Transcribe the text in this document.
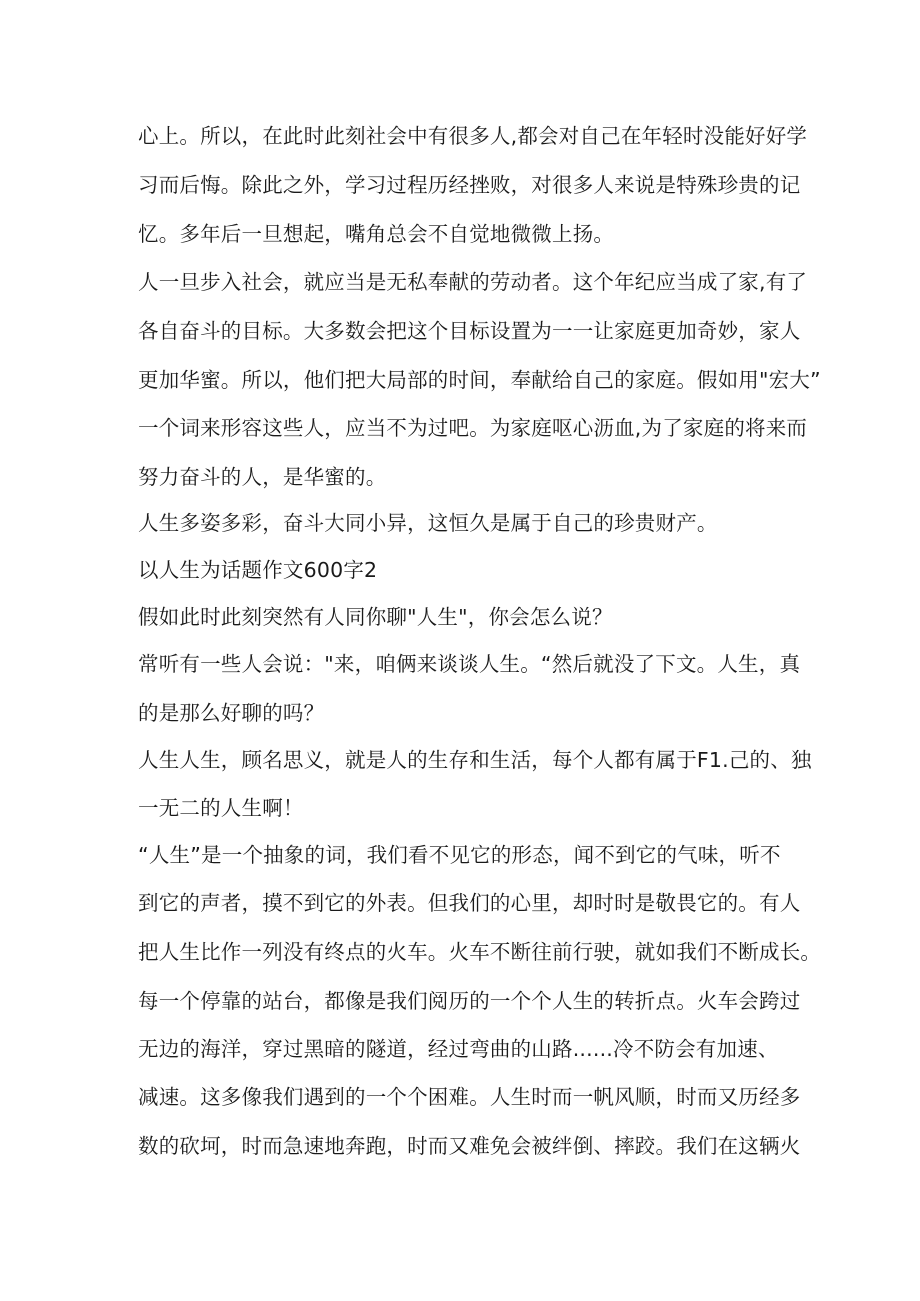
心上。所以，在此时此刻社会中有很多人,都会对自己在年轻时没能好好学
习而后悔。除此之外，学习过程历经挫败，对很多人来说是特殊珍贵的记
忆。多年后一旦想起，嘴角总会不自觉地微微上扬。
人一旦步入社会，就应当是无私奉献的劳动者。这个年纪应当成了家,有了
各自奋斗的目标。大多数会把这个目标设置为一一让家庭更加奇妙，家人
更加华蜜。所以，他们把大局部的时间，奉献给自己的家庭。假如用"宏大”
一个词来形容这些人，应当不为过吧。为家庭呕心沥血,为了家庭的将来而
努力奋斗的人，是华蜜的。
人生多姿多彩，奋斗大同小异，这恒久是属于自己的珍贵财产。
以人生为话题作文600字2
假如此时此刻突然有人同你聊"人生"，你会怎么说？
常听有一些人会说："来，咱俩来谈谈人生。“然后就没了下文。人生，真
的是那么好聊的吗？
人生人生，顾名思义，就是人的生存和生活，每个人都有属于F1.己的、独
一无二的人生啊！
“人生”是一个抽象的词，我们看不见它的形态，闻不到它的气味，听不
到它的声者，摸不到它的外表。但我们的心里，却时时是敬畏它的。有人
把人生比作一列没有终点的火车。火车不断往前行驶，就如我们不断成长。
每一个停靠的站台，都像是我们阅历的一个个人生的转折点。火车会跨过
无边的海洋，穿过黑暗的隧道，经过弯曲的山路......冷不防会有加速、
减速。这多像我们遇到的一个个困难。人生时而一帆风顺，时而又历经多
数的砍坷，时而急速地奔跑，时而又难免会被绊倒、摔跤。我们在这辆火
